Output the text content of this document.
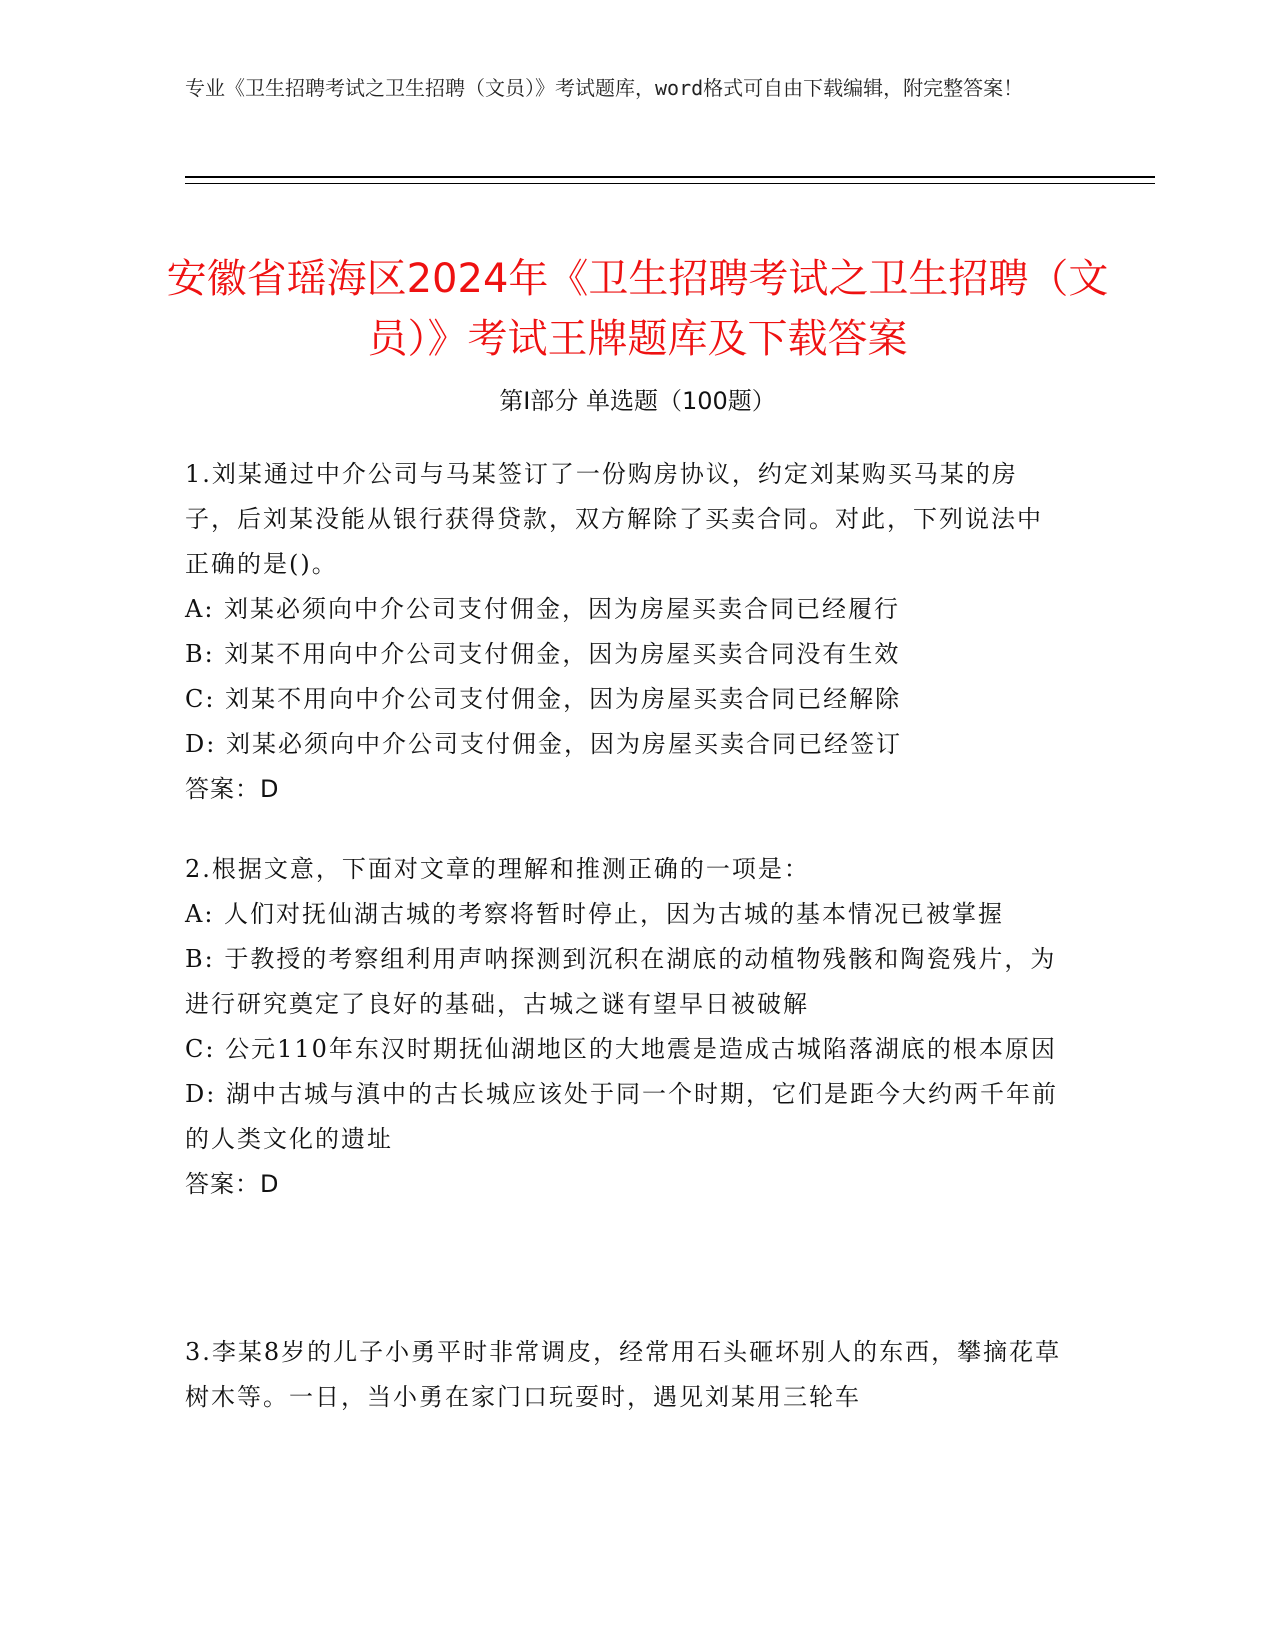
专业《卫生招聘考试之卫生招聘（文员）》考试题库，word格式可自由下载编辑，附完整答案！
安徽省瑶海区2024年《卫生招聘考试之卫生招聘（文员）》考试王牌题库及下载答案
第Ⅰ部分 单选题（100题）

1.刘某通过中介公司与马某签订了一份购房协议，约定刘某购买马某的房子，后刘某没能从银行获得贷款，双方解除了买卖合同。对此，下列说法中正确的是()。

A: 刘某必须向中介公司支付佣金，因为房屋买卖合同已经履行

B: 刘某不用向中介公司支付佣金，因为房屋买卖合同没有生效

C: 刘某不用向中介公司支付佣金，因为房屋买卖合同已经解除

D: 刘某必须向中介公司支付佣金，因为房屋买卖合同已经签订

答案：D

2.根据文意，下面对文章的理解和推测正确的一项是：

A: 人们对抚仙湖古城的考察将暂时停止，因为古城的基本情况已被掌握

B: 于教授的考察组利用声呐探测到沉积在湖底的动植物残骸和陶瓷残片，为进行研究奠定了良好的基础，古城之谜有望早日被破解

C: 公元110年东汉时期抚仙湖地区的大地震是造成古城陷落湖底的根本原因

D: 湖中古城与滇中的古长城应该处于同一个时期，它们是距今大约两千年前的人类文化的遗址

答案：D

3.李某8岁的儿子小勇平时非常调皮，经常用石头砸坏别人的东西，攀摘花草树木等。一日，当小勇在家门口玩耍时，遇见刘某用三轮车
